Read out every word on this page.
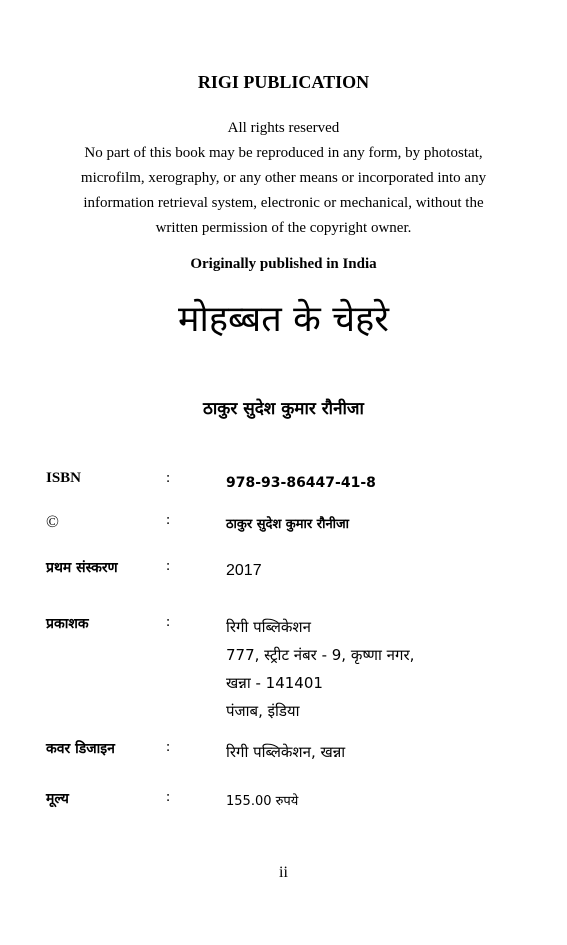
RIGI PUBLICATION
All rights reserved
No part of this book may be reproduced in any form, by photostat,
microfilm, xerography, or any other means or incorporated into any
information retrieval system, electronic or mechanical, without the
written permission of the copyright owner.
Originally published in India
मोहब्बत के चेहरे
ठाकुर सुदेश कुमार रौनीजा
ISBN	:	978-93-86447-41-8
©	:	ठाकुर सुदेश कुमार रौनीजा
प्रथम संस्करण	:	2017
प्रकाशक	:	रिगी पब्लिकेशन
777, स्ट्रीट नंबर - 9, कृष्णा नगर,
खन्ना - 141401
पंजाब, इंडिया
कवर डिजाइन	:	रिगी पब्लिकेशन, खन्ना
मूल्य	:	155.00 रुपये
ii
